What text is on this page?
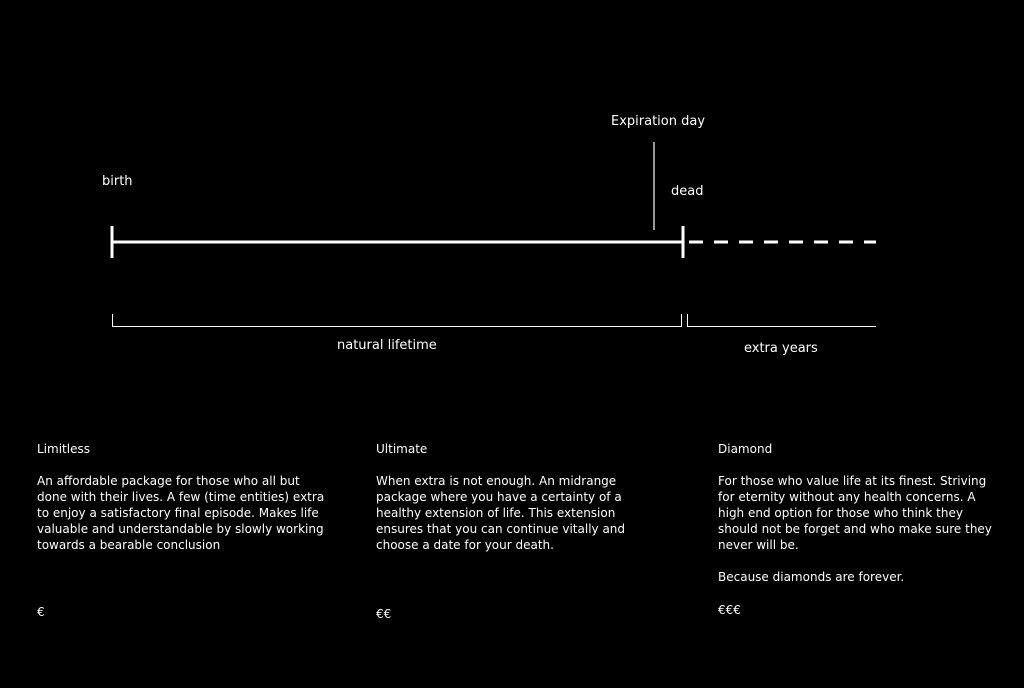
birth
Expiration day
dead
natural lifetime	extra years
Limitless

An affordable package for those who all but done with their lives. A few (time entities) extra to enjoy a satisfactory final episode. Makes life valuable and understandable by slowly working towards a bearable conclusion

€
Ultimate

When extra is not enough. An midrange package where you have a certainty of a healthy extension of life. This extension ensures that you can continue vitally and choose a date for your death.

€€
Diamond

For those who value life at its finest. Striving for eternity without any health concerns. A high end option for those who think they should not be forget and who make sure they never will be.

Because diamonds are forever.

€€€
